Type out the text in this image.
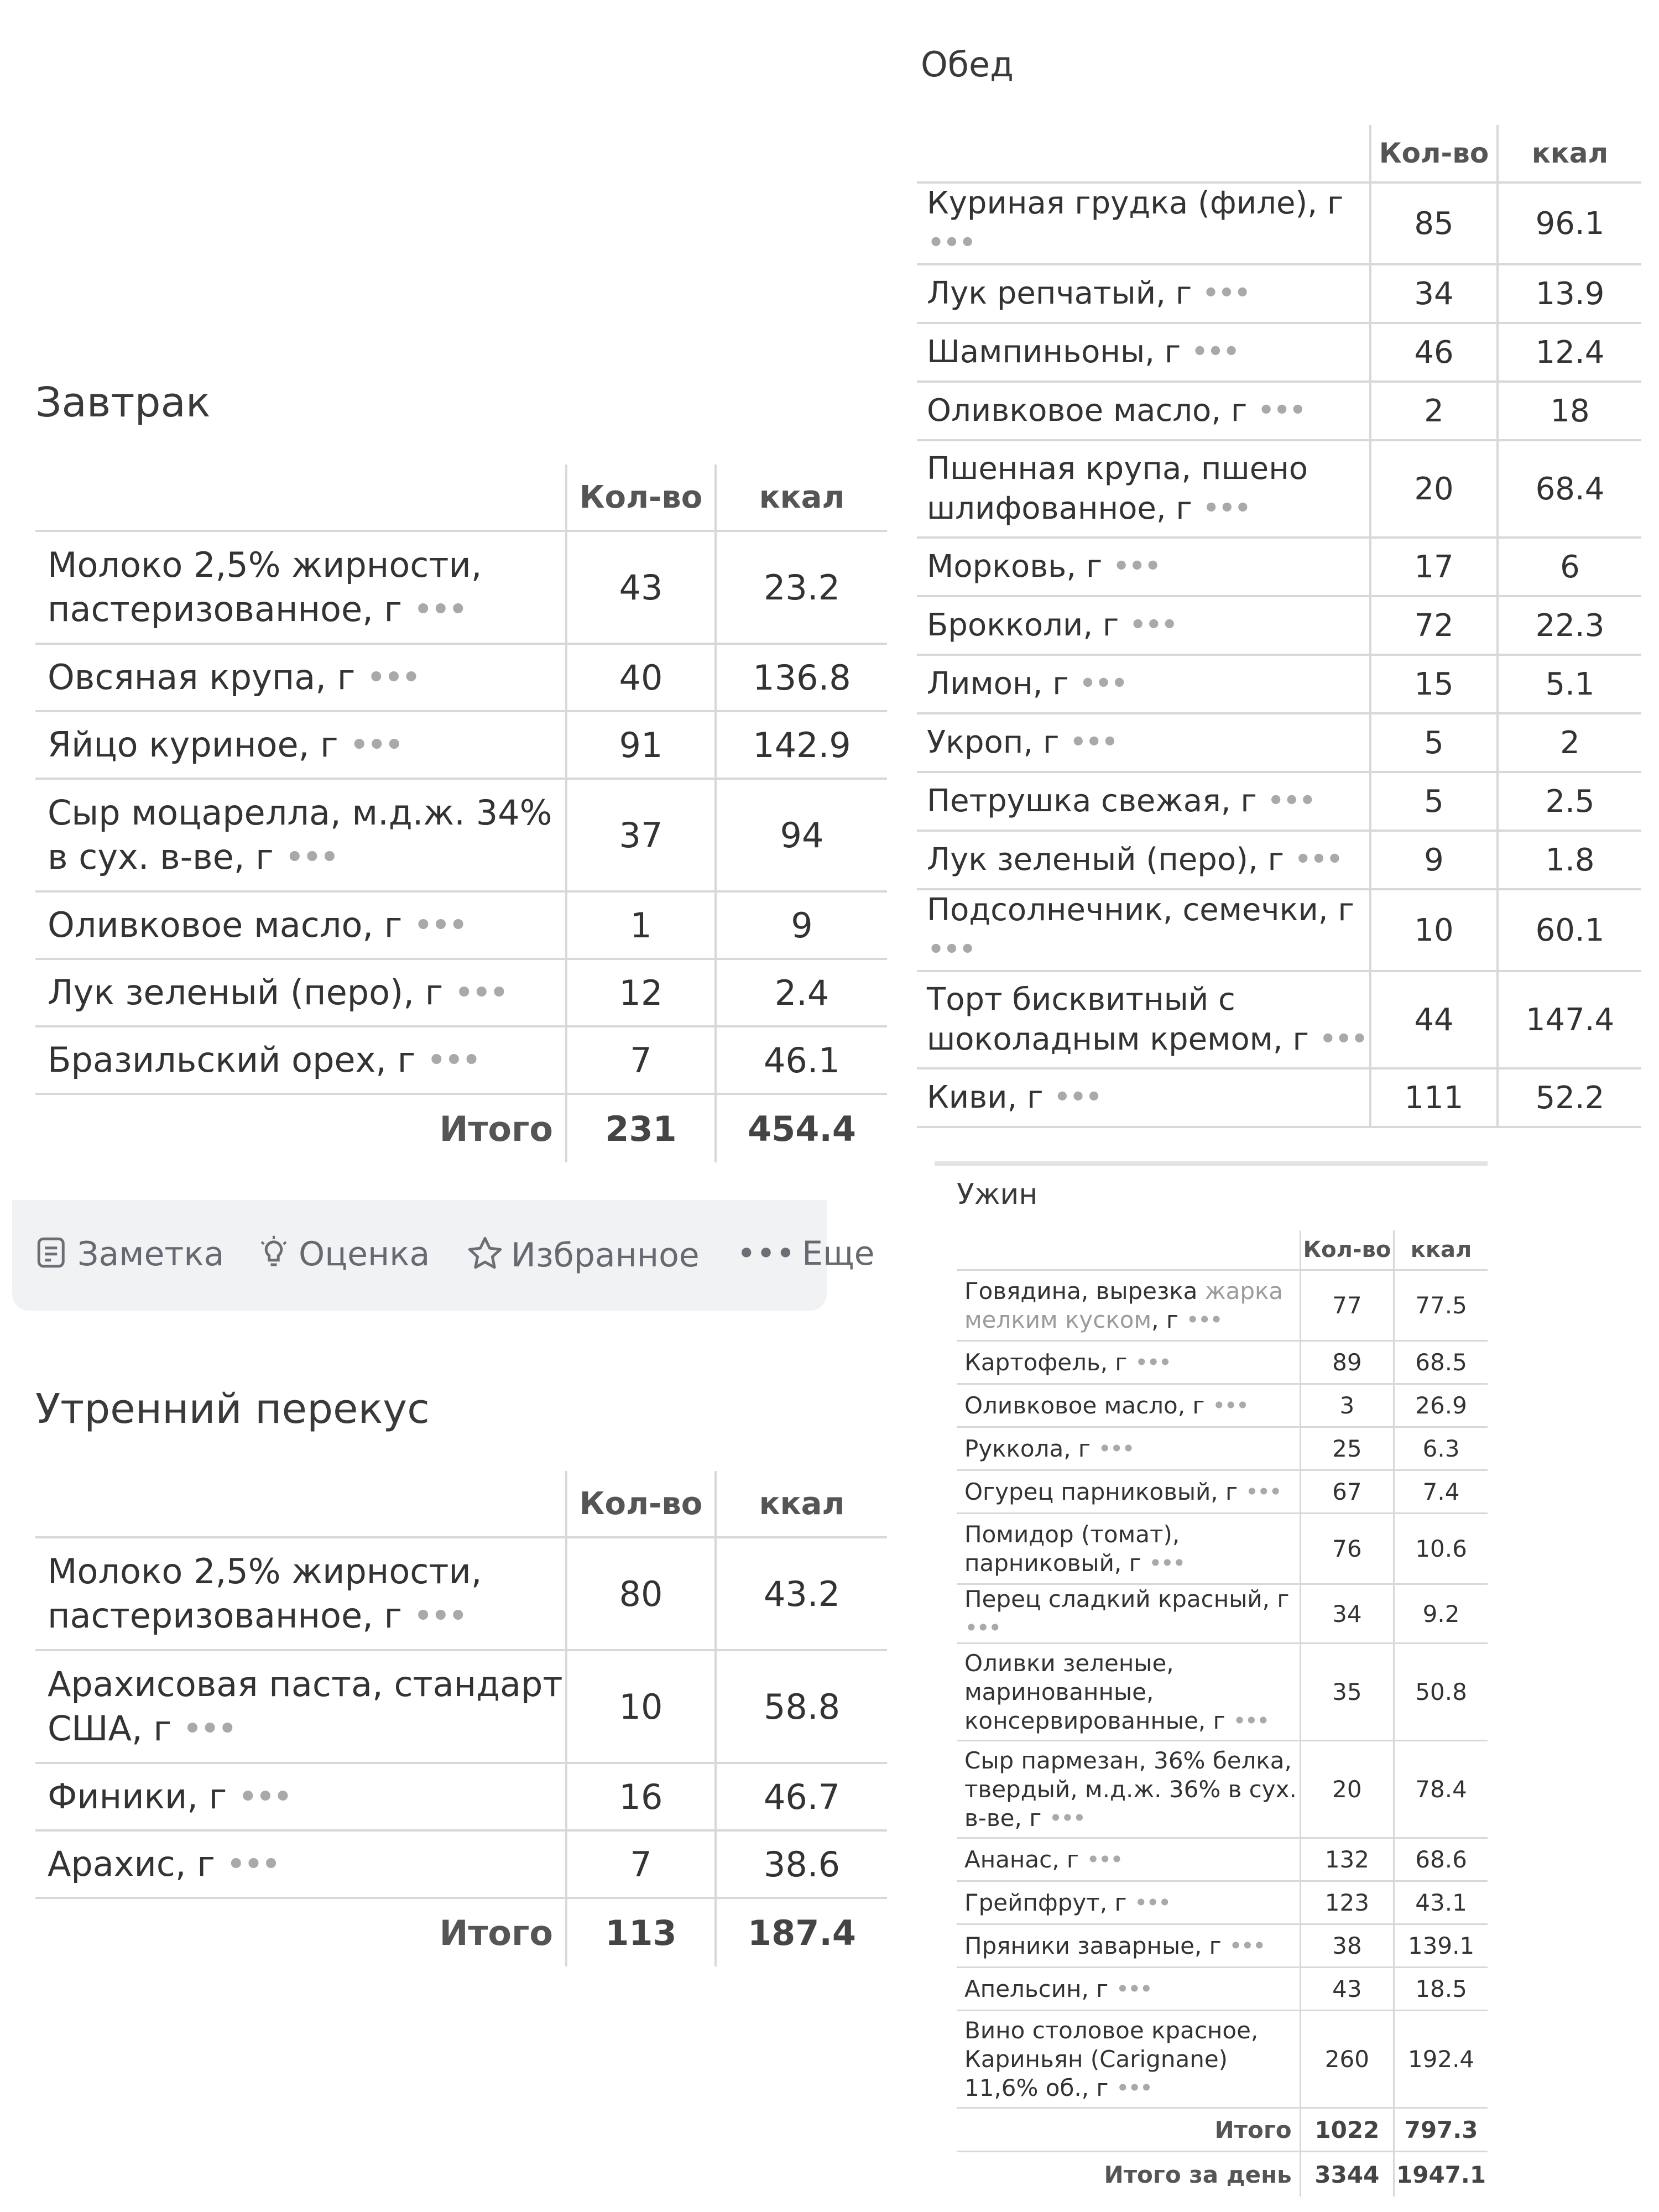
Завтрак
	Кол-во	ккал
Молоко 2,5% жирности, пастеризованное, г •••	43	23.2
Овсяная крупа, г •••	40	136.8
Яйцо куриное, г •••	91	142.9
Сыр моцарелла, м.д.ж. 34% в сух. в-ве, г •••	37	94
Оливковое масло, г •••	1	9
Лук зеленый (перо), г •••	12	2.4
Бразильский орех, г •••	7	46.1
Итого	231	454.4
Заметка	Оценка	Избранное ••• Еще
Утренний перекус
	Кол-во	ккал
Молоко 2,5% жирности, пастеризованное, г •••	80	43.2
Арахисовая паста, стандарт США, г •••	10	58.8
Финики, г •••	16	46.7
Арахис, г •••	7	38.6
Итого	113	187.4
Обед
	Кол-во	ккал
Куриная грудка (филе), г •••	85	96.1
Лук репчатый, г •••	34	13.9
Шампиньоны, г •••	46	12.4
Оливковое масло, г •••	2	18
Пшенная крупа, пшено шлифованное, г •••	20	68.4
Морковь, г •••	17	6
Брокколи, г •••	72	22.3
Лимон, г •••	15	5.1
Укроп, г •••	5	2
Петрушка свежая, г •••	5	2.5
Лук зеленый (перо), г •••	9	1.8
Подсолнечник, семечки, г •••	10	60.1
Торт бисквитный с шоколадным кремом, г •••	44	147.4
Киви, г •••	111	52.2
Ужин
	Кол-во	ккал
Говядина, вырезка жарка мелким куском, г •••	77	77.5
Картофель, г •••	89	68.5
Оливковое масло, г •••	3	26.9
Руккола, г •••	25	6.3
Огурец парниковый, г •••	67	7.4
Помидор (томат), парниковый, г •••	76	10.6
Перец сладкий красный, г •••	34	9.2
Оливки зеленые, маринованные, консервированные, г •••	35	50.8
Сыр пармезан, 36% белка, твердый, м.д.ж. 36% в сух. в-ве, г •••	20	78.4
Ананас, г •••	132	68.6
Грейпфрут, г •••	123	43.1
Пряники заварные, г •••	38	139.1
Апельсин, г •••	43	18.5
Вино столовое красное, Кариньян (Carignane) 11,6% об., г •••	260	192.4
Итого	1022	797.3
Итого за день	3344	1947.1
